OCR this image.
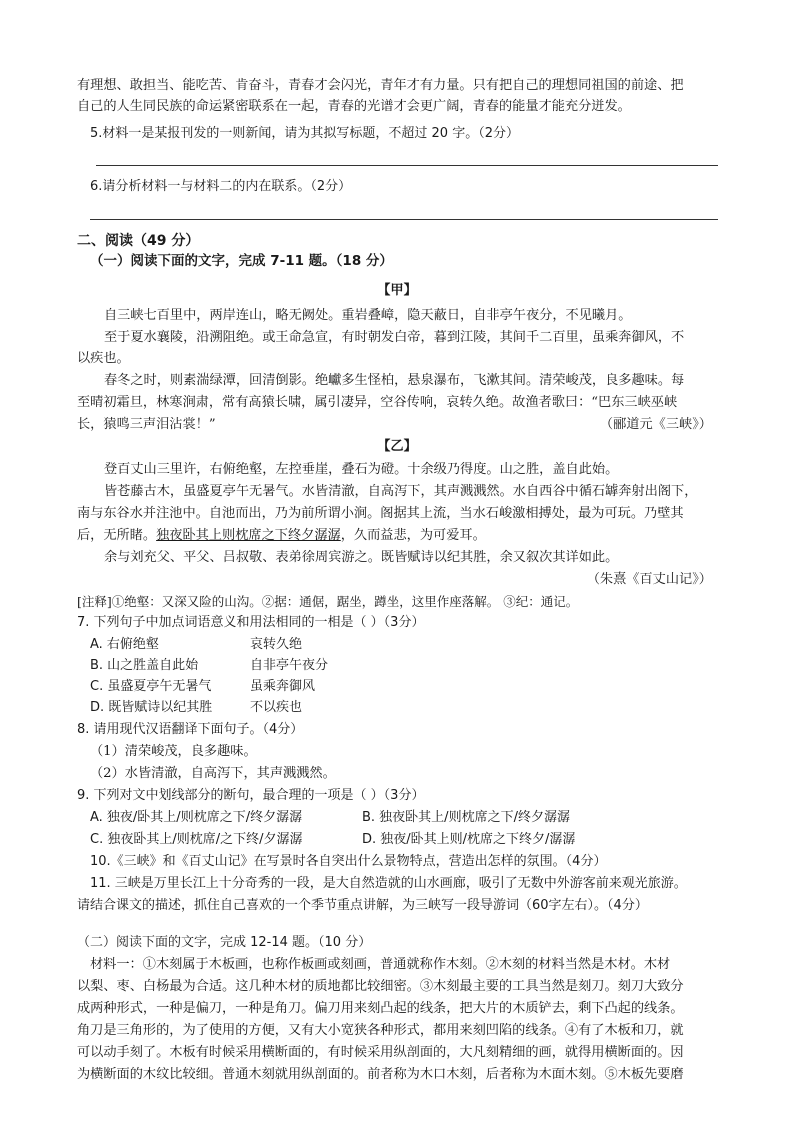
有理想、敢担当、能吃苦、肯奋斗，青春才会闪光，青年才有力量。只有把自己的理想同祖国的前途、把
自己的人生同民族的命运紧密联系在一起，青春的光谱才会更广阔，青春的能量才能充分迸发。
5.材料一是某报刊发的一则新闻，请为其拟写标题，不超过 20 字。（2分）
6.请分析材料一与材料二的内在联系。（2分）
二、阅读（49 分）
（一）阅读下面的文字，完成 7-11 题。（18 分）
【甲】
自三峡七百里中，两岸连山，略无阙处。重岩叠嶂，隐天蔽日，自非亭午夜分，不见曦月。
至于夏水襄陵，沿溯阻绝。或王命急宣，有时朝发白帝，暮到江陵，其间千二百里，虽乘奔御风，不
以疾也。
春冬之时，则素湍绿潭，回清倒影。绝巘多生怪柏，悬泉瀑布，飞漱其间。清荣峻茂，良多趣味。每
至晴初霜旦，林寒涧肃，常有高猿长啸，属引凄异，空谷传响，哀转久绝。故渔者歌曰：“巴东三峡巫峡
长，猿鸣三声泪沾裳！”	（郦道元《三峡》）
【乙】
登百丈山三里许，右俯绝壑，左控垂崖，叠石为磴。十余级乃得度。山之胜，盖自此始。
皆苍藤古木，虽盛夏亭午无暑气。水皆清澈，自高泻下，其声溅溅然。水自西谷中循石罅奔射出阁下，
南与东谷水并注池中。自池而出，乃为前所谓小涧。阁据其上流，当水石峻激相搏处，最为可玩。乃壁其
后，无所睹。独夜卧其上则枕席之下终夕潺潺，久而益悲，为可爱耳。
余与刘充父、平父、吕叔敬、表弟徐周宾游之。既皆赋诗以纪其胜，余又叙次其详如此。
（朱熹《百丈山记》）
[注释]①绝壑：又深又险的山沟。②据：通倨，踞坐，蹲坐，这里作座落解。 ③纪：通记。
7. 下列句子中加点词语意义和用法相同的一相是（ ）（3分）
A. 右俯绝壑	哀转久绝
B. 山之胜盖自此始	自非亭午夜分
C. 虽盛夏亭午无暑气	虽乘奔御风
D. 既皆赋诗以纪其胜	不以疾也
8. 请用现代汉语翻译下面句子。（4分）
（1）清荣峻茂，良多趣味。
（2）水皆清澈，自高泻下，其声溅溅然。
9. 下列对文中划线部分的断句，最合理的一项是（ ）（3分）
A. 独夜/卧其上/则枕席之下/终夕潺潺	B. 独夜卧其上/则枕席之下/终夕潺潺
C. 独夜卧其上/则枕席/之下终/夕潺潺	D. 独夜/卧其上则/枕席之下终夕/潺潺
10.《三峡》和《百丈山记》在写景时各自突出什么景物特点，营造出怎样的氛围。（4分）
11. 三峡是万里长江上十分奇秀的一段，是大自然造就的山水画廊，吸引了无数中外游客前来观光旅游。
请结合课文的描述，抓住自己喜欢的一个季节重点讲解，为三峡写一段导游词（60字左右）。（4分）
（二）阅读下面的文字，完成 12-14 题。（10 分）
材料一：①木刻属于木板画，也称作板画或刻画，普通就称作木刻。②木刻的材料当然是木材。木材
以梨、枣、白杨最为合适。这几种木材的质地都比较细密。③木刻最主要的工具当然是刻刀。刻刀大致分
成两种形式，一种是偏刀，一种是角刀。偏刀用来刻凸起的线条，把大片的木质铲去，剩下凸起的线条。
角刀是三角形的，为了使用的方便，又有大小宽狭各种形式，都用来刻凹陷的线条。④有了木板和刀，就
可以动手刻了。木板有时候采用横断面的，有时候采用纵剖面的，大凡刻精细的画，就得用横断面的。因
为横断面的木纹比较细。普通木刻就用纵剖面的。前者称为木口木刻，后者称为木面木刻。⑤木板先要磨
